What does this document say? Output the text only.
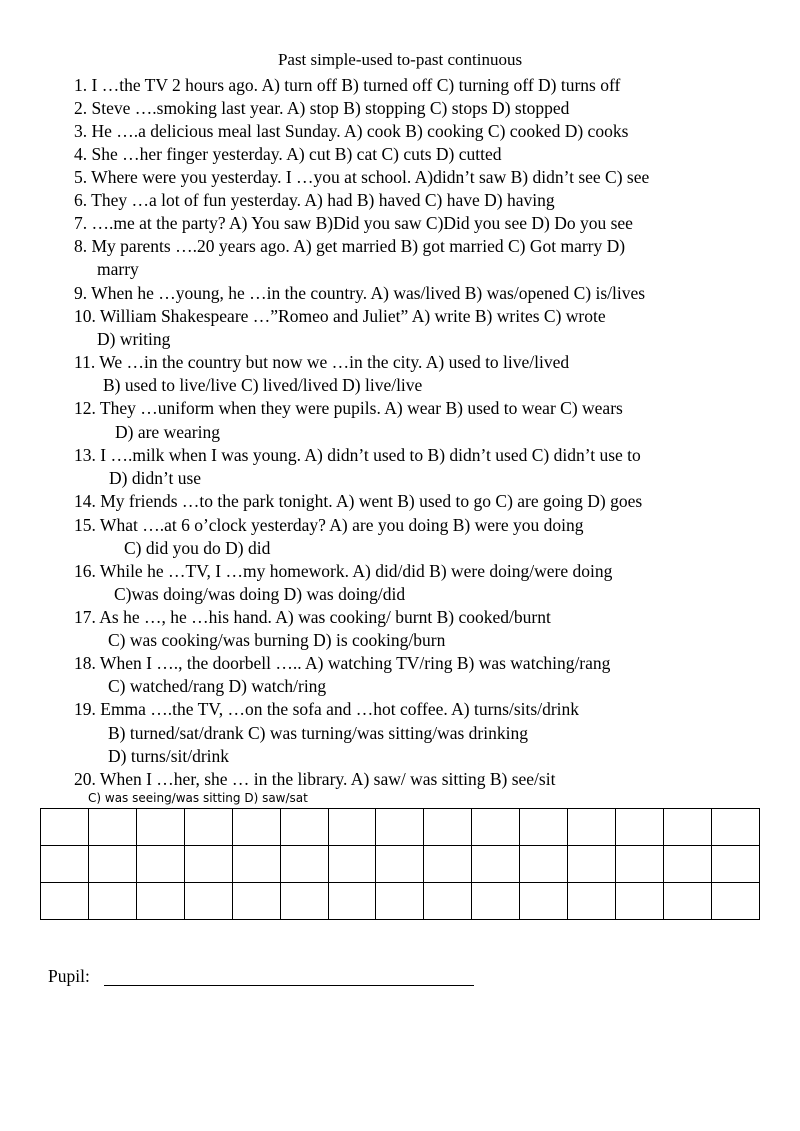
Past simple-used to-past continuous
1. I …the TV 2 hours ago. A) turn off B) turned off C) turning off D) turns off
2. Steve ….smoking last year. A) stop B) stopping C) stops D) stopped
3. He ….a delicious meal last Sunday. A) cook B) cooking C) cooked D) cooks
4. She …her finger yesterday. A) cut B) cat C) cuts D) cutted
5. Where were you yesterday. I …you at school. A)didn’t saw B) didn’t see C) see
6. They …a lot of fun yesterday. A) had B) haved C) have D) having
7. ….me at the party? A) You saw B)Did you saw C)Did you see D) Do you see
8. My parents ….20 years ago. A) get married B) got married C) Got marry D)
marry
9. When he …young, he …in the country. A) was/lived B) was/opened C) is/lives
10. William Shakespeare …”Romeo and Juliet” A) write B) writes C) wrote
D) writing
11. We …in the country but now we …in the city. A) used to live/lived
B) used to live/live C) lived/lived D) live/live
12. They …uniform when they were pupils. A) wear B) used to wear C) wears
D) are wearing
13. I ….milk when I was young. A) didn’t used to B) didn’t used C) didn’t use to
D) didn’t use
14. My friends …to the park tonight. A) went B) used to go C) are going D) goes
15. What ….at 6 o’clock yesterday? A) are you doing B) were you doing
C) did you do D) did
16. While he …TV, I …my homework. A) did/did B) were doing/were doing
C)was doing/was doing D) was doing/did
17. As he …, he …his hand. A) was cooking/ burnt B) cooked/burnt
C) was cooking/was burning D) is cooking/burn
18. When I …., the doorbell ….. A) watching TV/ring B) was watching/rang
C) watched/rang D) watch/ring
19. Emma ….the TV, …on the sofa and …hot coffee. A) turns/sits/drink
B) turned/sat/drank C) was turning/was sitting/was drinking
D) turns/sit/drink
20. When I …her, she … in the library. A) saw/ was sitting B) see/sit
C) was seeing/was sitting D) saw/sat

Pupil:
